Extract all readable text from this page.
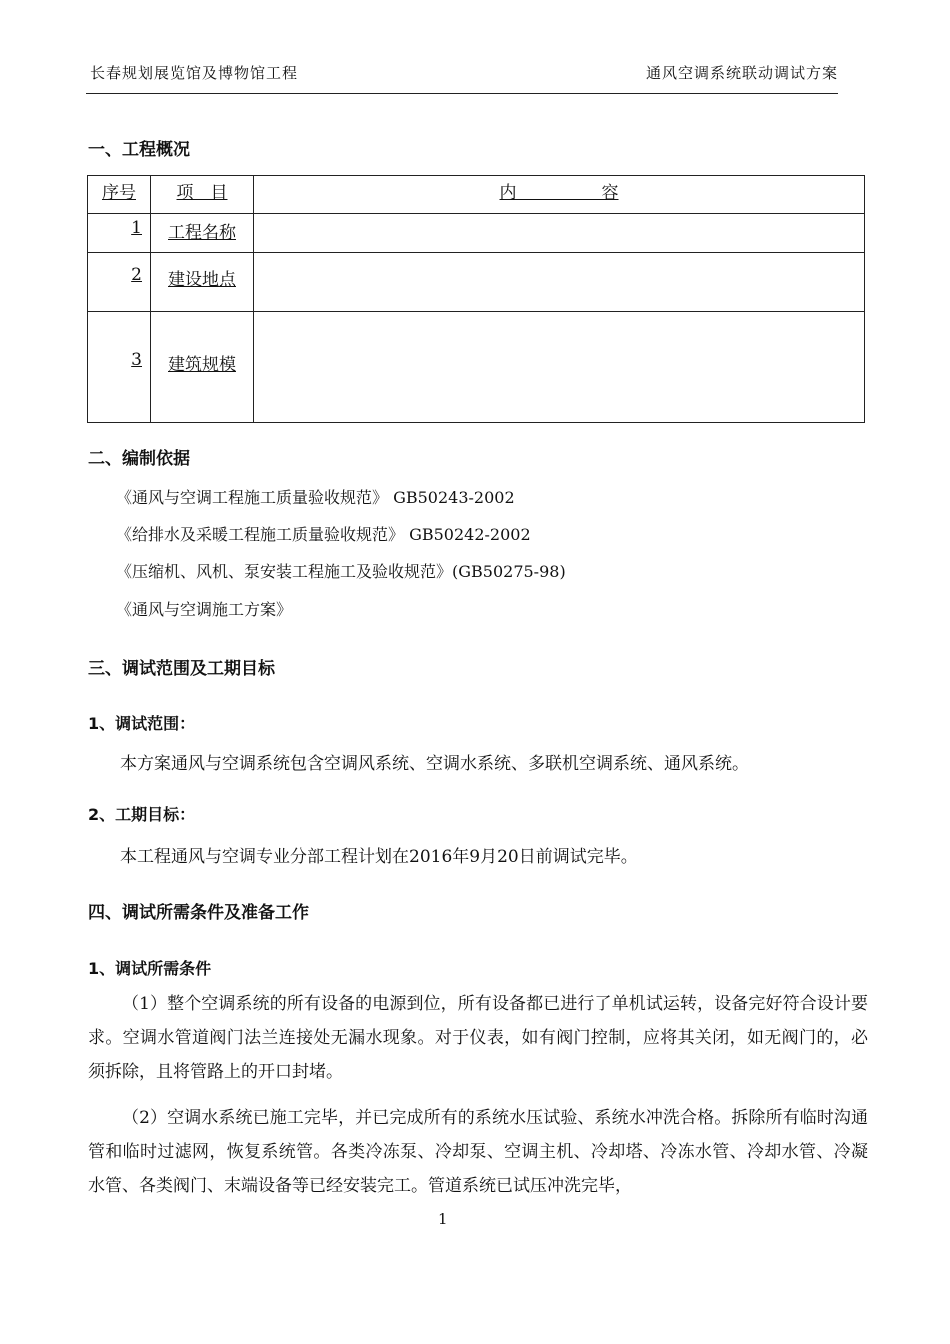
长春规划展览馆及博物馆工程	通风空调系统联动调试方案
一、工程概况
序号	项　目	内　　　　　容
1	工程名称	
2	建设地点	
3	建筑规模	
二、编制依据
《通风与空调工程施工质量验收规范》 GB50243-2002
《给排水及采暖工程施工质量验收规范》 GB50242-2002
《压缩机、风机、泵安装工程施工及验收规范》(GB50275-98)
《通风与空调施工方案》
三、调试范围及工期目标
1、调试范围：
本方案通风与空调系统包含空调风系统、空调水系统、多联机空调系统、通风系统。
2、工期目标：
本工程通风与空调专业分部工程计划在2016年9月20日前调试完毕。
四、调试所需条件及准备工作
1、调试所需条件
（1）整个空调系统的所有设备的电源到位，所有设备都已进行了单机试运转，设备完好符合设计要求。空调水管道阀门法兰连接处无漏水现象。对于仪表，如有阀门控制，应将其关闭，如无阀门的，必须拆除，且将管路上的开口封堵。
（2）空调水系统已施工完毕，并已完成所有的系统水压试验、系统水冲洗合格。拆除所有临时沟通管和临时过滤网，恢复系统管。各类冷冻泵、冷却泵、空调主机、冷却塔、冷冻水管、冷却水管、冷凝水管、各类阀门、末端设备等已经安装完工。管道系统已试压冲洗完毕，
1
